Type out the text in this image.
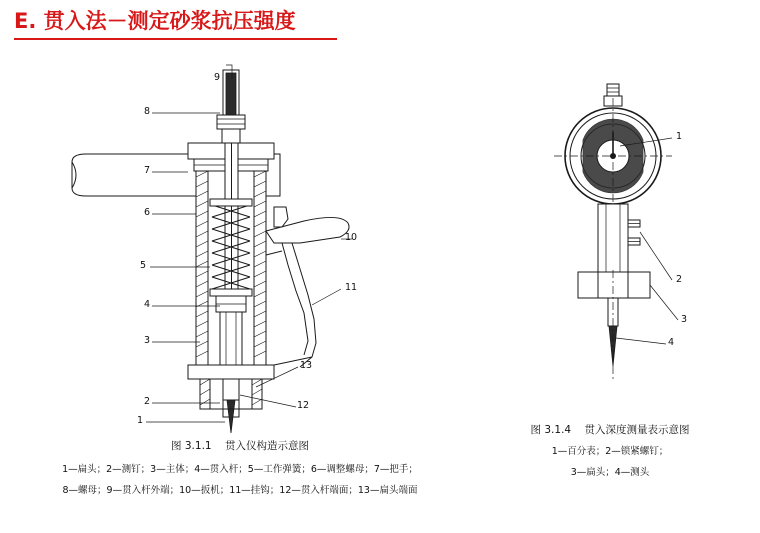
E. 贯入法－测定砂浆抗压强度
1
2
3
4
5
6
7
8
9
10
11
12
13
图 3.1.1 贯入仪构造示意图
1—扁头；2—测钉；3—主体；4—贯入杆；5—工作弹簧；6—调整螺母；7—把手；
8—螺母；9—贯入杆外端；10—扳机；11—挂钩；12—贯入杆端面；13—扁头端面
1
2
3
4
图 3.1.4 贯入深度测量表示意图
1—百分表；2—锁紧螺钉；
3—扁头；4—测头
